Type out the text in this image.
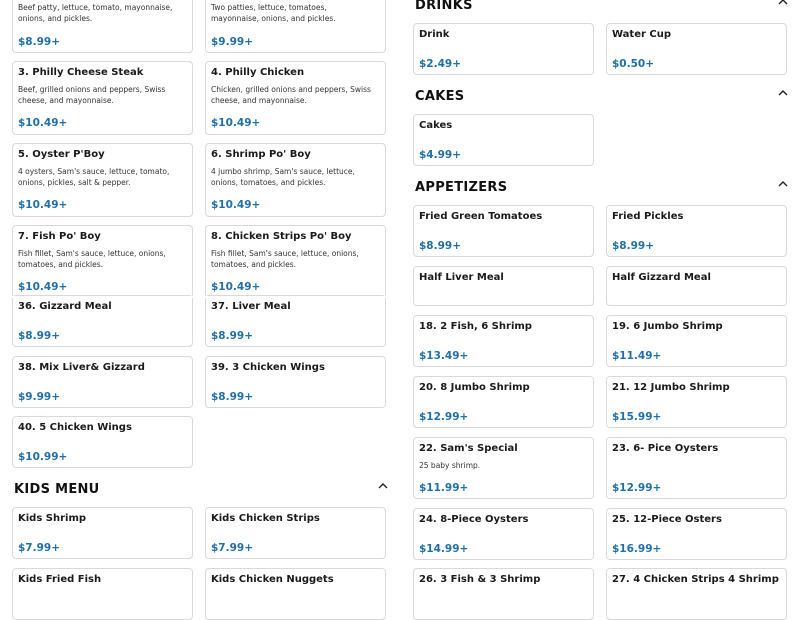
Beef patty, lettuce, tomato, mayonnaise, onions, and pickles.
$8.99+
Two patties, lettuce, tomatoes, mayonnaise, onions, and pickles.
$9.99+
3. Philly Cheese Steak
Beef, grilled onions and peppers, Swiss cheese, and mayonnaise.
$10.49+
4. Philly Chicken
Chicken, grilled onions and peppers, Swiss cheese, and mayonnaise.
$10.49+
5. Oyster P'Boy
4 oysters, Sam's sauce, lettuce, tomato, onions, pickles, salt & pepper.
$10.49+
6. Shrimp Po' Boy
4 jumbo shrimp, Sam's sauce, lettuce, onions, tomatoes, and pickles.
$10.49+
7. Fish Po' Boy
Fish fillet, Sam's sauce, lettuce, onions, tomatoes, and pickles.
$10.49+
8. Chicken Strips Po' Boy
Fish fillet, Sam's sauce, lettuce, onions, tomatoes, and pickles.
$10.49+
36. Gizzard Meal
$8.99+
37. Liver Meal
$8.99+
38. Mix Liver& Gizzard
$9.99+
39. 3 Chicken Wings
$8.99+
40. 5 Chicken Wings
$10.99+
KIDS MENU
Kids Shrimp
$7.99+
Kids Chicken Strips
$7.99+
Kids Fried Fish	Kids Chicken Nuggets
DRINKS
Drink
$2.49+
Water Cup
$0.50+
CAKES
Cakes
$4.99+
APPETIZERS
Fried Green Tomatoes
$8.99+
Fried Pickles
$8.99+
Half Liver Meal	Half Gizzard Meal
18. 2 Fish, 6 Shrimp
$13.49+
19. 6 Jumbo Shrimp
$11.49+
20. 8 Jumbo Shrimp
$12.99+
21. 12 Jumbo Shrimp
$15.99+
22. Sam's Special
25 baby shrimp.
$11.99+
23. 6- Pice Oysters
$12.99+
24. 8-Piece Oysters
$14.99+
25. 12-Piece Osters
$16.99+
26. 3 Fish & 3 Shrimp	27. 4 Chicken Strips 4 Shrimp
